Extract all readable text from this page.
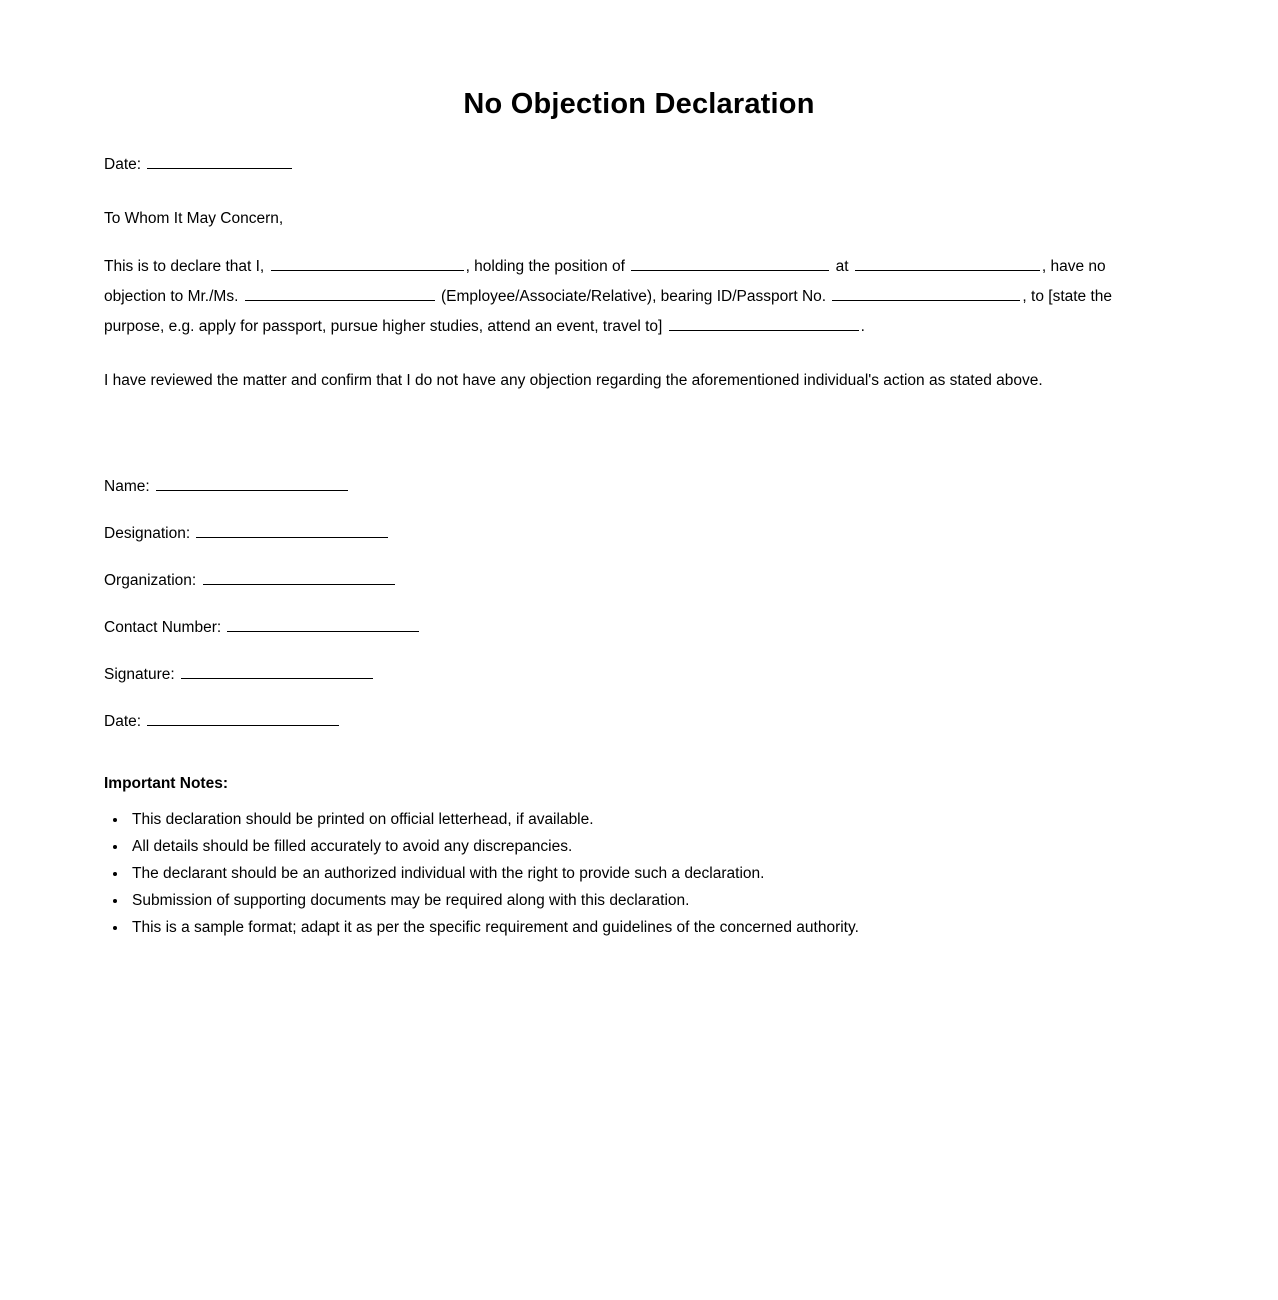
No Objection Declaration

Date:

To Whom It May Concern,

This is to declare that I,	, holding the position of	at	, have no objection to Mr./Ms.	(Employee/Associate/Relative), bearing ID/Passport No.	, to [state the purpose, e.g. apply for passport, pursue higher studies, attend an event, travel to]	.

I have reviewed the matter and confirm that I do not have any objection regarding the aforementioned individual's action as stated above.

Name:

Designation:

Organization:

Contact Number:

Signature:

Date:

Important Notes:

• This declaration should be printed on official letterhead, if available.
• All details should be filled accurately to avoid any discrepancies.
• The declarant should be an authorized individual with the right to provide such a declaration.
• Submission of supporting documents may be required along with this declaration.
• This is a sample format; adapt it as per the specific requirement and guidelines of the concerned authority.
